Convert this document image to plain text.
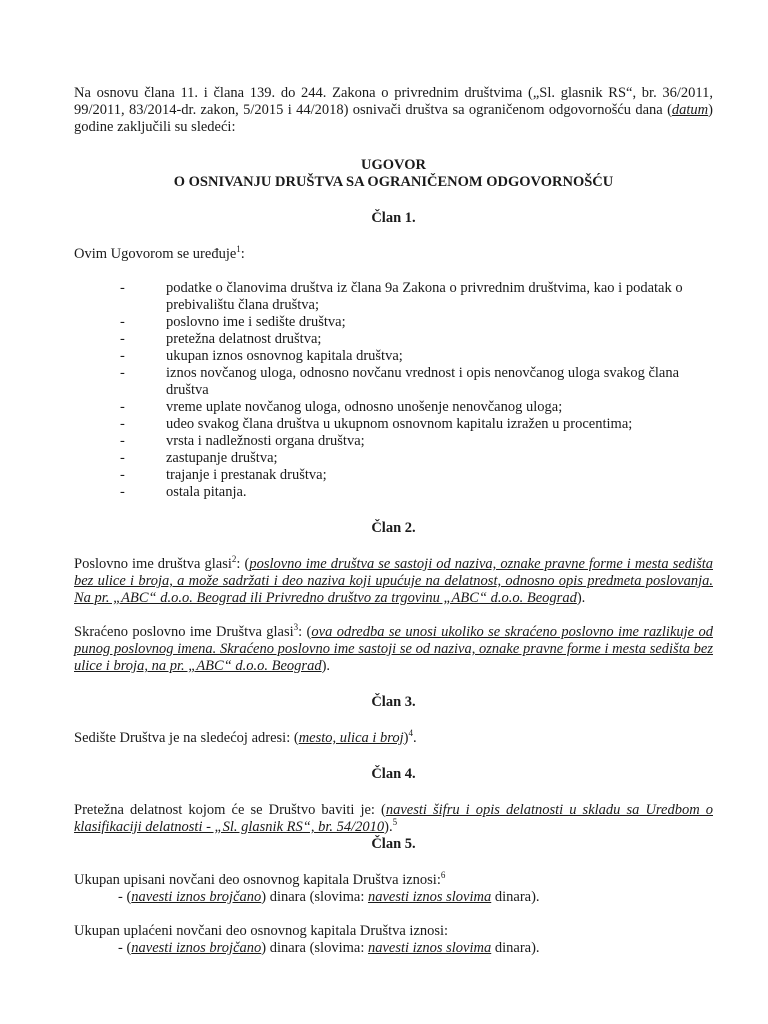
Na osnovu člana 11. i člana 139. do 244. Zakona o privrednim društvima („Sl. glasnik RS“, br. 36/2011, 99/2011, 83/2014-dr. zakon, 5/2015 i 44/2018) osnivači društva sa ograničenom odgovornošću dana (datum) godine zaključili su sledeći:

UGOVOR
O OSNIVANJU DRUŠTVA SA OGRANIČENOM ODGOVORNOŠĆU
Član 1.

Ovim Ugovorom se uređuje$^1$:

-	podatke o članovima društva iz člana 9a Zakona o privrednim društvima, kao i podatak o prebivalištu člana društva;
-	poslovno ime i sedište društva;
-	pretežna delatnost društva;
-	ukupan iznos osnovnog kapitala društva;
-	iznos novčanog uloga, odnosno novčanu vrednost i opis nenovčanog uloga svakog člana društva
-	vreme uplate novčanog uloga, odnosno unošenje nenovčanog uloga;
-	udeo svakog člana društva u ukupnom osnovnom kapitalu izražen u procentima;
-	vrsta i nadležnosti organa društva;
-	zastupanje društva;
-	trajanje i prestanak društva;
-	ostala pitanja.
Član 2.

Poslovno ime društva glasi$^2$: (poslovno ime društva se sastoji od naziva, oznake pravne forme i mesta sedišta bez ulice i broja, a može sadržati i deo naziva koji upućuje na delatnost, odnosno opis predmeta poslovanja. Na pr. „ABC“ d.o.o. Beograd ili Privredno društvo za trgovinu „ABC“ d.o.o. Beograd).

Skraćeno poslovno ime Društva glasi$^3$: (ova odredba se unosi ukoliko se skraćeno poslovno ime razlikuje od punog poslovnog imena. Skraćeno poslovno ime sastoji se od naziva, oznake pravne forme i mesta sedišta bez ulice i broja, na pr. „ABC“ d.o.o. Beograd).

Član 3.

Sedište Društva je na sledećoj adresi: (mesto, ulica i broj)$^4$.

Član 4.

Pretežna delatnost kojom će se Društvo baviti je: (navesti šifru i opis delatnosti u skladu sa Uredbom o klasifikaciji delatnosti - „Sl. glasnik RS“, br. 54/2010).$^5$

Član 5.

Ukupan upisani novčani deo osnovnog kapitala Društva iznosi:$^6$

- (navesti iznos brojčano) dinara (slovima: navesti iznos slovima dinara).

Ukupan uplaćeni novčani deo osnovnog kapitala Društva iznosi:

- (navesti iznos brojčano) dinara (slovima: navesti iznos slovima dinara).
